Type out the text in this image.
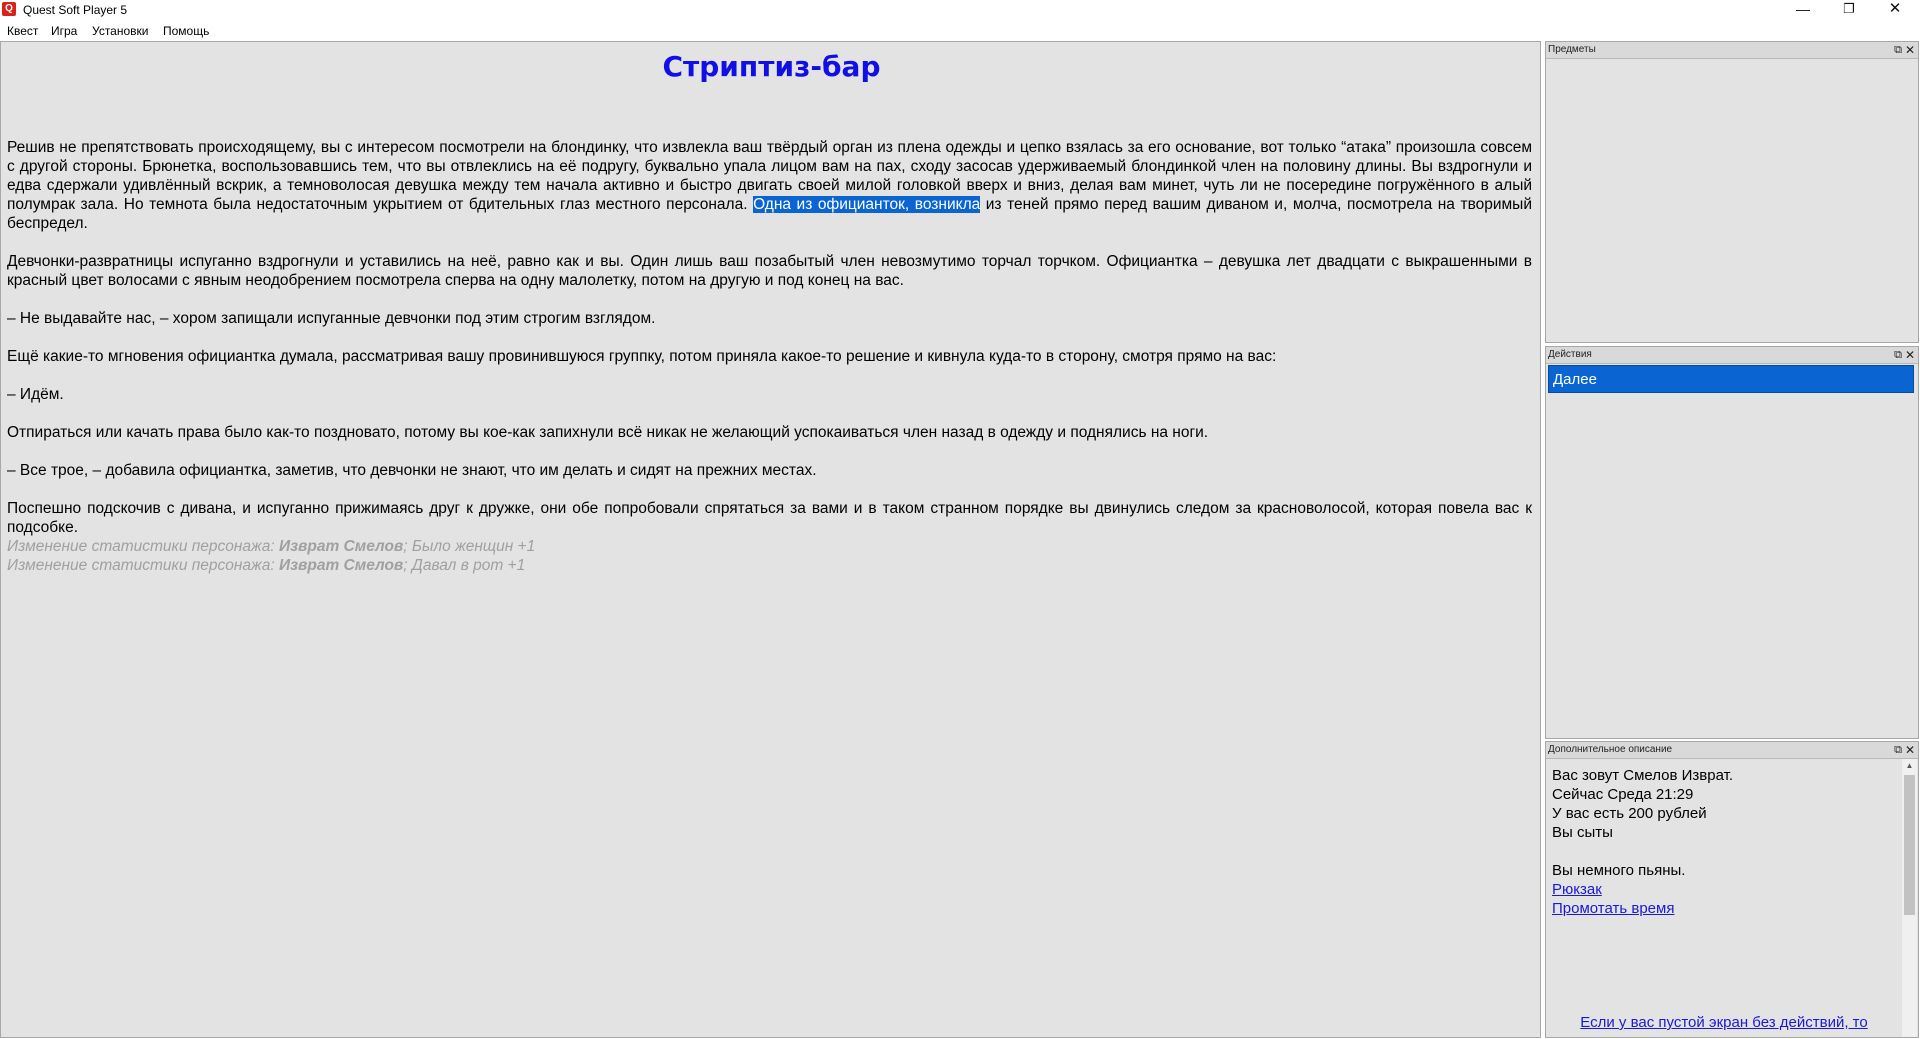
Q Quest Soft Player 5	—	❐	✕
Квест Игра Установки Помощь
Стриптиз-бар

Решив не препятствовать происходящему, вы с интересом посмотрели на блондинку, что извлекла ваш твёрдый орган из плена одежды и цепко взялась за его основание, вот только “атака” произошла совсем с другой стороны. Брюнетка, воспользовавшись тем, что вы отвлеклись на её подругу, буквально упала лицом вам на пах, сходу засосав удерживаемый блондинкой член на половину длины. Вы вздрогнули и едва сдержали удивлённый вскрик, а темноволосая девушка между тем начала активно и быстро двигать своей милой головкой вверх и вниз, делая вам минет, чуть ли не посередине погружённого в алый полумрак зала. Но темнота была недостаточным укрытием от бдительных глаз местного персонала. Одна из официанток, возникла из теней прямо перед вашим диваном и, молча, посмотрела на творимый беспредел.

Девчонки-развратницы испуганно вздрогнули и уставились на неё, равно как и вы. Один лишь ваш позабытый член невозмутимо торчал торчком. Официантка – девушка лет двадцати с выкрашенными в красный цвет волосами с явным неодобрением посмотрела сперва на одну малолетку, потом на другую и под конец на вас.

– Не выдавайте нас, – хором запищали испуганные девчонки под этим строгим взглядом.

Ещё какие-то мгновения официантка думала, рассматривая вашу провинившуюся группку, потом приняла какое-то решение и кивнула куда-то в сторону, смотря прямо на вас:

– Идём.

Отпираться или качать права было как-то поздновато, потому вы кое-как запихнули всё никак не желающий успокаиваться член назад в одежду и поднялись на ноги.

– Все трое, – добавила официантка, заметив, что девчонки не знают, что им делать и сидят на прежних местах.

Поспешно подскочив с дивана, и испуганно прижимаясь друг к дружке, они обе попробовали спрятаться за вами и в таком странном порядке вы двинулись следом за красноволосой, которая повела вас к подсобке.

Изменение статистики персонажа: Изврат Смелов; Было женщин +1
Изменение статистики персонажа: Изврат Смелов; Давал в рот +1
Предметы	⧉ ✕
Действия	⧉ ✕
Далее
Дополнительное описание	⧉ ✕
Вас зовут Смелов Изврат.
Сейчас Среда 21:29
У вас есть 200 рублей
Вы сыты
Вы немного пьяны.
Рюкзак
Промотать время
Если у вас пустой экран без действий, то
▲
